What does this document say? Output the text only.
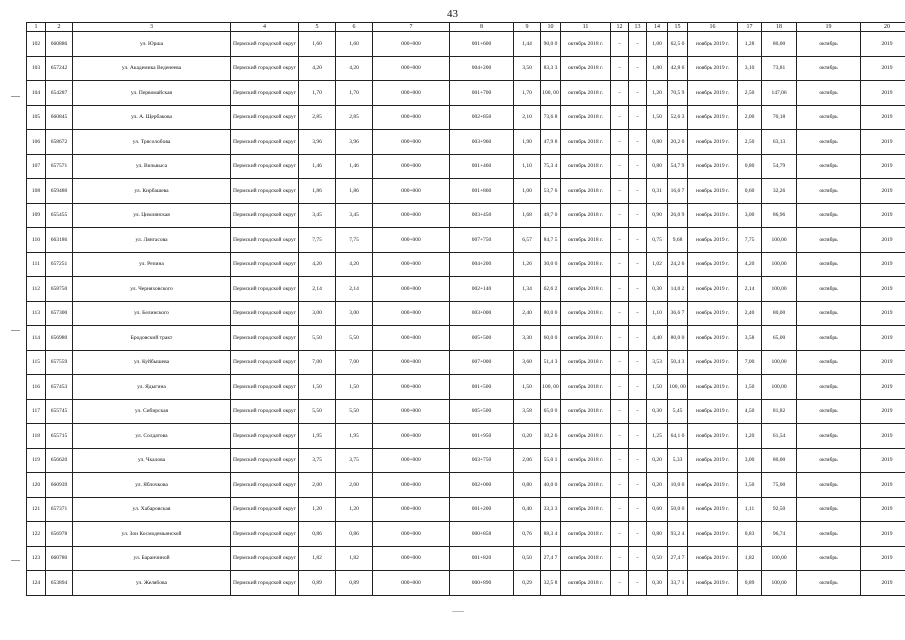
43
1	2	3	4	5	6	7	8	9	10	11	12	13	14	15	16	17	18	19	20
102	660886	ул. Юрша	Пермский городской округ	1,60	1,60	000+000	001+600	1,44	90,0 0	октябрь 2018 г.	–	–	1,00	62,5 0	ноябрь 2019 г.	1,28	80,00	октябрь	2019
103	657242	ул. Академика Веденеева	Пермский городской округ	4,20	4,20	000+000	004+200	3,50	83,3 3	октябрь 2018 г.	–	–	1,80	42,8 6	ноябрь 2019 г.	3,10	73,81	октябрь	2019
104	654287	ул. Первомайская	Пермский городской округ	1,70	1,70	000+000	001+700	1,70	100, 00	октябрь 2018 г.	–	–	1,20	70,5 9	ноябрь 2019 г.	2,50	147,06	октябрь	2019
105	660845	ул. А. Щербакова	Пермский городской округ	2,85	2,85	000+000	002+850	2,10	73,6 8	октябрь 2018 г.	–	–	1,50	52,6 3	ноябрь 2019 г.	2,00	70,18	октябрь	2019
106	658672	ул. Трясолобова	Пермский городской округ	3,96	3,96	000+000	003+960	1,90	47,9 8	октябрь 2018 г.	–	–	0,80	20,2 0	ноябрь 2019 г.	2,50	63,13	октябрь	2019
107	657571	ул. Вильвыса	Пермский городской округ	1,46	1,46	000+000	001+460	1,10	75,3 4	октябрь 2018 г.	–	–	0,80	54,7 9	ноябрь 2019 г.	0,80	54,79	октябрь	2019
108	659480	ул. Кирбашева	Пермский городской округ	1,86	1,86	000+000	001+860	1,00	53,7 6	октябрь 2018 г.	–	–	0,31	16,6 7	ноябрь 2019 г.	0,60	32,26	октябрь	2019
109	655455	ул. Цимлянская	Пермский городской округ	3,45	3,45	000+000	003+450	1,68	48,7 0	октябрь 2018 г.	–	–	0,90	26,0 9	ноябрь 2019 г.	3,00	86,96	октябрь	2019
110	663186	ул. Лянгасова	Пермский городской округ	7,75	7,75	000+000	007+750	6,57	84,7 5	октябрь 2018 г.	–	–	0,75	9,68	ноябрь 2019 г.	7,75	100,00	октябрь	2019
111	657251	ул. Репина	Пермский городской округ	4,20	4,20	000+000	004+200	1,26	30,0 0	октябрь 2018 г.	–	–	1,02	24,2 6	ноябрь 2019 г.	4,20	100,00	октябрь	2019
112	658750	ул. Черняховского	Пермский городской округ	2,14	2,14	000+000	002+140	1,34	62,6 2	октябрь 2018 г.	–	–	0,30	14,0 2	ноябрь 2019 г.	2,14	100,00	октябрь	2019
113	657300	ул. Белинского	Пермский городской округ	3,00	3,00	000+000	003+000	2,40	80,0 0	октябрь 2018 г.	–	–	1,10	36,6 7	ноябрь 2019 г.	2,40	80,00	октябрь	2019
114	656980	Бродовский тракт	Пермский городской округ	5,50	5,50	000+000	005+500	3,30	60,0 0	октябрь 2018 г.	–	–	4,40	80,0 0	ноябрь 2019 г.	3,58	65,00	октябрь	2019
115	657559	ул. Куйбышева	Пермский городской округ	7,00	7,00	000+000	007+000	3,60	51,4 3	октябрь 2018 г.	–	–	3,53	50,4 3	ноябрь 2019 г.	7,00	100,00	октябрь	2019
116	657453	ул. Ядыгина	Пермский городской округ	1,50	1,50	000+000	001+500	1,50	100, 00	октябрь 2018 г.	–	–	1,50	100, 00	ноябрь 2019 г.	1,50	100,00	октябрь	2019
117	655745	ул. Сибирская	Пермский городской округ	5,50	5,50	000+000	005+500	3,58	65,0 0	октябрь 2018 г.	–	–	0,30	5,45	ноябрь 2019 г.	4,50	81,82	октябрь	2019
118	655715	ул. Солдатова	Пермский городской округ	1,95	1,95	000+000	001+950	0,20	10,2 6	октябрь 2018 г.	–	–	1,25	64,1 0	ноябрь 2019 г.	1,20	61,54	октябрь	2019
119	656620	ул. Чкалова	Пермский городской округ	3,75	3,75	000+000	003+750	2,06	55,0 1	октябрь 2018 г.	–	–	0,20	5,33	ноябрь 2019 г.	3,00	80,00	октябрь	2019
120	660939	ул. Яблочкова	Пермский городской округ	2,00	2,00	000+000	002+000	0,80	40,0 0	октябрь 2018 г.	–	–	0,20	10,0 0	ноябрь 2019 г.	1,50	75,00	октябрь	2019
121	657371	ул. Хабаровская	Пермский городской округ	1,20	1,20	000+000	001+200	0,40	33,3 3	октябрь 2018 г.	–	–	0,60	50,0 0	ноябрь 2019 г.	1,11	92,50	октябрь	2019
122	656978	ул. Зои Космодемьянской	Пермский городской округ	0,86	0,86	000+000	000+858	0,76	88,3 4	октябрь 2018 г.	–	–	0,80	93,2 4	ноябрь 2019 г.	0,83	96,74	октябрь	2019
123	660780	ул. Баранчиной	Пермский городской округ	1,82	1,82	000+000	001+820	0,50	27,4 7	октябрь 2018 г.	–	–	0,50	27,4 7	ноябрь 2019 г.	1,82	100,00	октябрь	2019
124	653894	ул. Желябова	Пермский городской округ	0,89	0,89	000+000	000+890	0,29	32,5 8	октябрь 2018 г.	–	–	0,30	33,7 1	ноябрь 2019 г.	0,89	100,00	октябрь	2019
